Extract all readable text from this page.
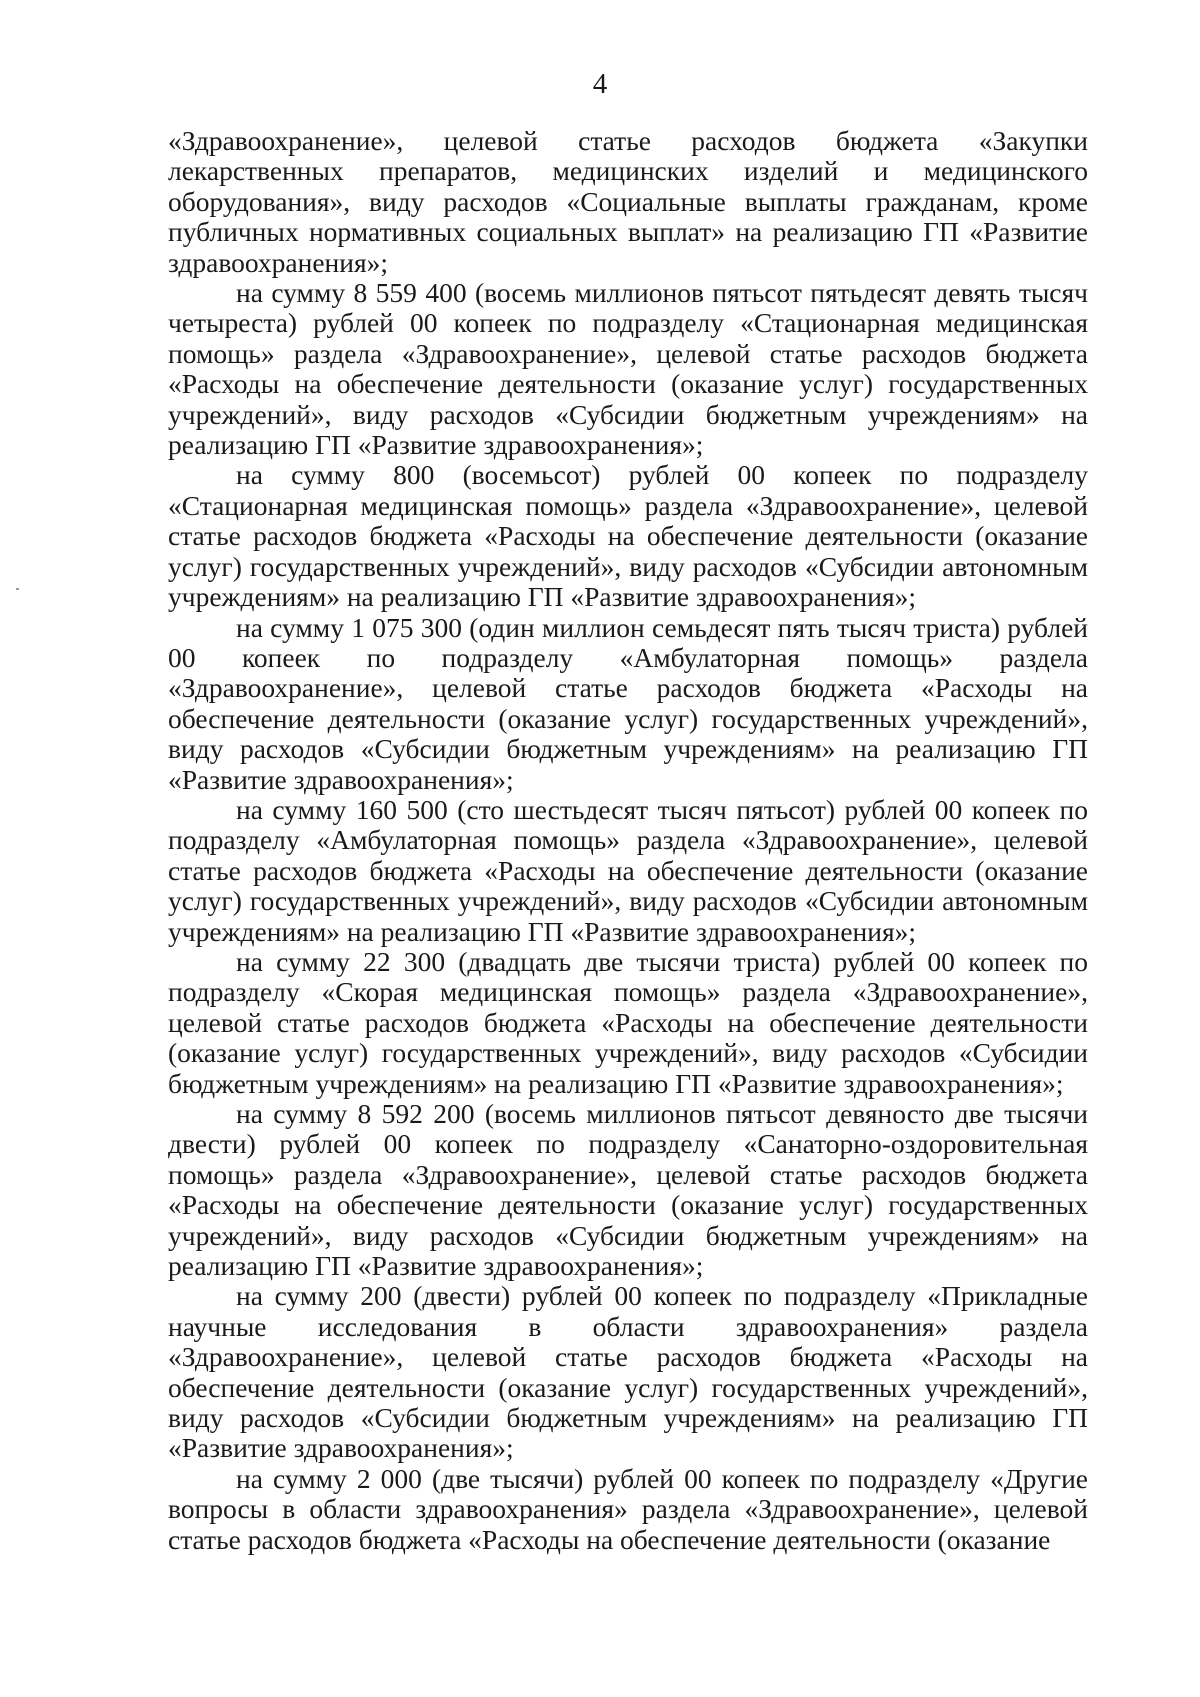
4

«Здравоохранение», целевой статье расходов бюджета «Закупки лекарственных препаратов, медицинских изделий и медицинского оборудования», виду расходов «Социальные выплаты гражданам, кроме публичных нормативных социальных выплат» на реализацию ГП «Развитие здравоохранения»;

на сумму 8 559 400 (восемь миллионов пятьсот пятьдесят девять тысяч четыреста) рублей 00 копеек по подразделу «Стационарная медицинская помощь» раздела «Здравоохранение», целевой статье расходов бюджета «Расходы на обеспечение деятельности (оказание услуг) государственных учреждений», виду расходов «Субсидии бюджетным учреждениям» на реализацию ГП «Развитие здравоохранения»;

на сумму 800 (восемьсот) рублей 00 копеек по подразделу «Стационарная медицинская помощь» раздела «Здравоохранение», целевой статье расходов бюджета «Расходы на обеспечение деятельности (оказание услуг) государственных учреждений», виду расходов «Субсидии автономным учреждениям» на реализацию ГП «Развитие здравоохранения»;

на сумму 1 075 300 (один миллион семьдесят пять тысяч триста) рублей 00 копеек по подразделу «Амбулаторная помощь» раздела «Здравоохранение», целевой статье расходов бюджета «Расходы на обеспечение деятельности (оказание услуг) государственных учреждений», виду расходов «Субсидии бюджетным учреждениям» на реализацию ГП «Развитие здравоохранения»;

на сумму 160 500 (сто шестьдесят тысяч пятьсот) рублей 00 копеек по подразделу «Амбулаторная помощь» раздела «Здравоохранение», целевой статье расходов бюджета «Расходы на обеспечение деятельности (оказание услуг) государственных учреждений», виду расходов «Субсидии автономным учреждениям» на реализацию ГП «Развитие здравоохранения»;

на сумму 22 300 (двадцать две тысячи триста) рублей 00 копеек по подразделу «Скорая медицинская помощь» раздела «Здравоохранение», целевой статье расходов бюджета «Расходы на обеспечение деятельности (оказание услуг) государственных учреждений», виду расходов «Субсидии бюджетным учреждениям» на реализацию ГП «Развитие здравоохранения»;

на сумму 8 592 200 (восемь миллионов пятьсот девяносто две тысячи двести) рублей 00 копеек по подразделу «Санаторно-оздоровительная помощь» раздела «Здравоохранение», целевой статье расходов бюджета «Расходы на обеспечение деятельности (оказание услуг) государственных учреждений», виду расходов «Субсидии бюджетным учреждениям» на реализацию ГП «Развитие здравоохранения»;

на сумму 200 (двести) рублей 00 копеек по подразделу «Прикладные научные исследования в области здравоохранения» раздела «Здравоохранение», целевой статье расходов бюджета «Расходы на обеспечение деятельности (оказание услуг) государственных учреждений», виду расходов «Субсидии бюджетным учреждениям» на реализацию ГП «Развитие здравоохранения»;

на сумму 2 000 (две тысячи) рублей 00 копеек по подразделу «Другие вопросы в области здравоохранения» раздела «Здравоохранение», целевой статье расходов бюджета «Расходы на обеспечение деятельности (оказание
